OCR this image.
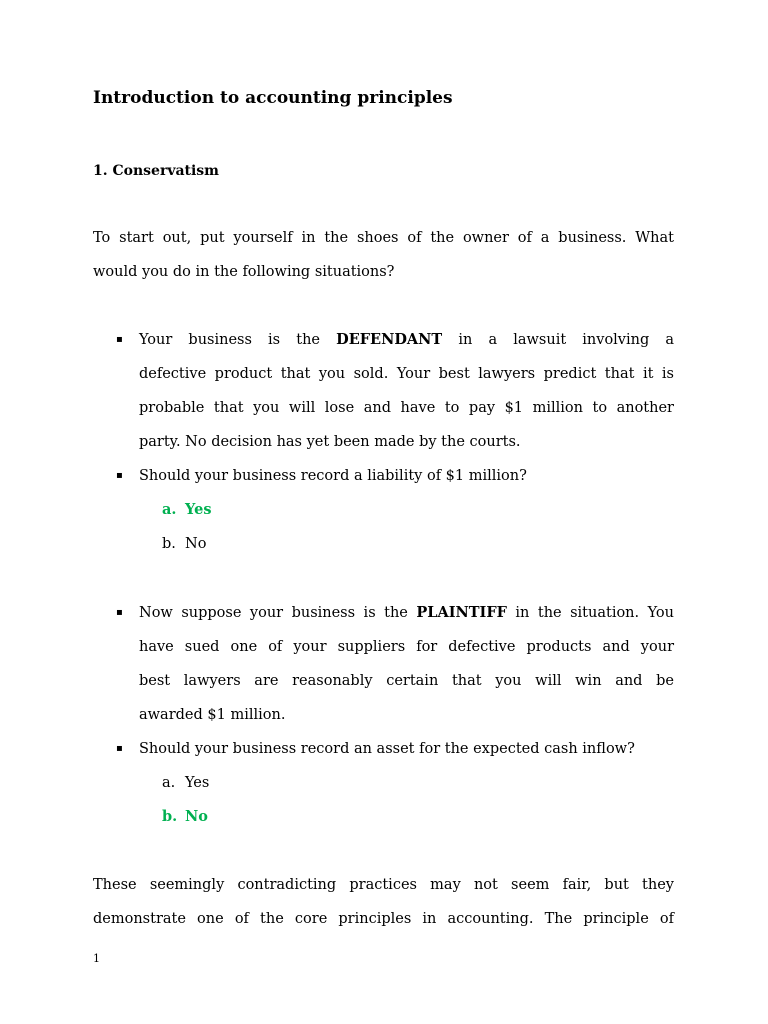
Introduction to accounting principles
1. Conservatism
To start out, put yourself in the shoes of the owner of a business. What
would you do in the following situations?
▪ Your business is the DEFENDANT in a lawsuit involving a
defective product that you sold. Your best lawyers predict that it is
probable that you will lose and have to pay $1 million to another
party. No decision has yet been made by the courts.
▪ Should your business record a liability of $1 million?
a. Yes
b. No
▪ Now suppose your business is the PLAINTIFF in the situation. You
have sued one of your suppliers for defective products and your
best lawyers are reasonably certain that you will win and be
awarded $1 million.
▪ Should your business record an asset for the expected cash inflow?
a. Yes
b. No
These seemingly contradicting practices may not seem fair, but they
demonstrate one of the core principles in accounting. The principle of
1
